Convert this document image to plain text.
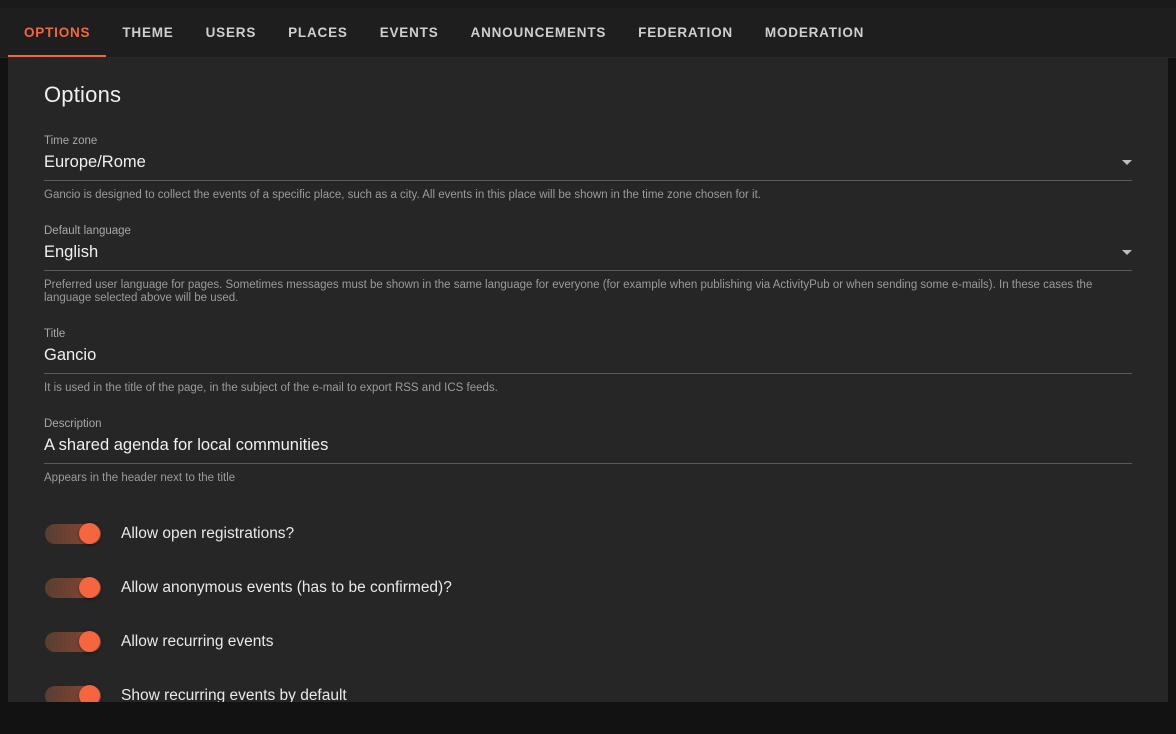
OPTIONS	THEME	USERS	PLACES	EVENTS	ANNOUNCEMENTS	FEDERATION	MODERATION
Options
Time zone
Europe/Rome
Gancio is designed to collect the events of a specific place, such as a city. All events in this place will be shown in the time zone chosen for it.
Default language
English
Preferred user language for pages. Sometimes messages must be shown in the same language for everyone (for example when publishing via ActivityPub or when sending some e-mails). In these cases the language selected above will be used.
Title
Gancio
It is used in the title of the page, in the subject of the e-mail to export RSS and ICS feeds.
Description
A shared agenda for local communities
Appears in the header next to the title
Allow open registrations?
Allow anonymous events (has to be confirmed)?
Allow recurring events
Show recurring events by default
